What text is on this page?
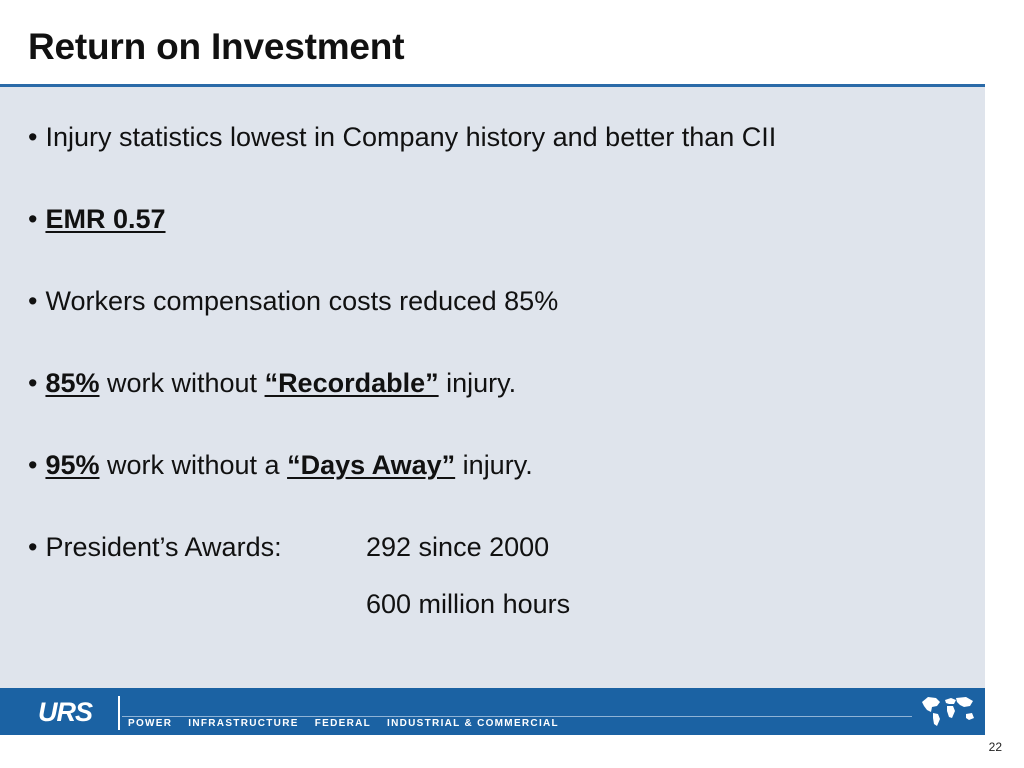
Return on Investment
• Injury statistics lowest in Company history and better than CII
• EMR 0.57
• Workers compensation costs reduced 85%
• 85% work without “Recordable” injury.
• 95% work without a “Days Away” injury.
• President’s Awards:	292 since 2000
600 million hours
URS	POWER INFRASTRUCTURE FEDERAL INDUSTRIAL & COMMERCIAL
22
